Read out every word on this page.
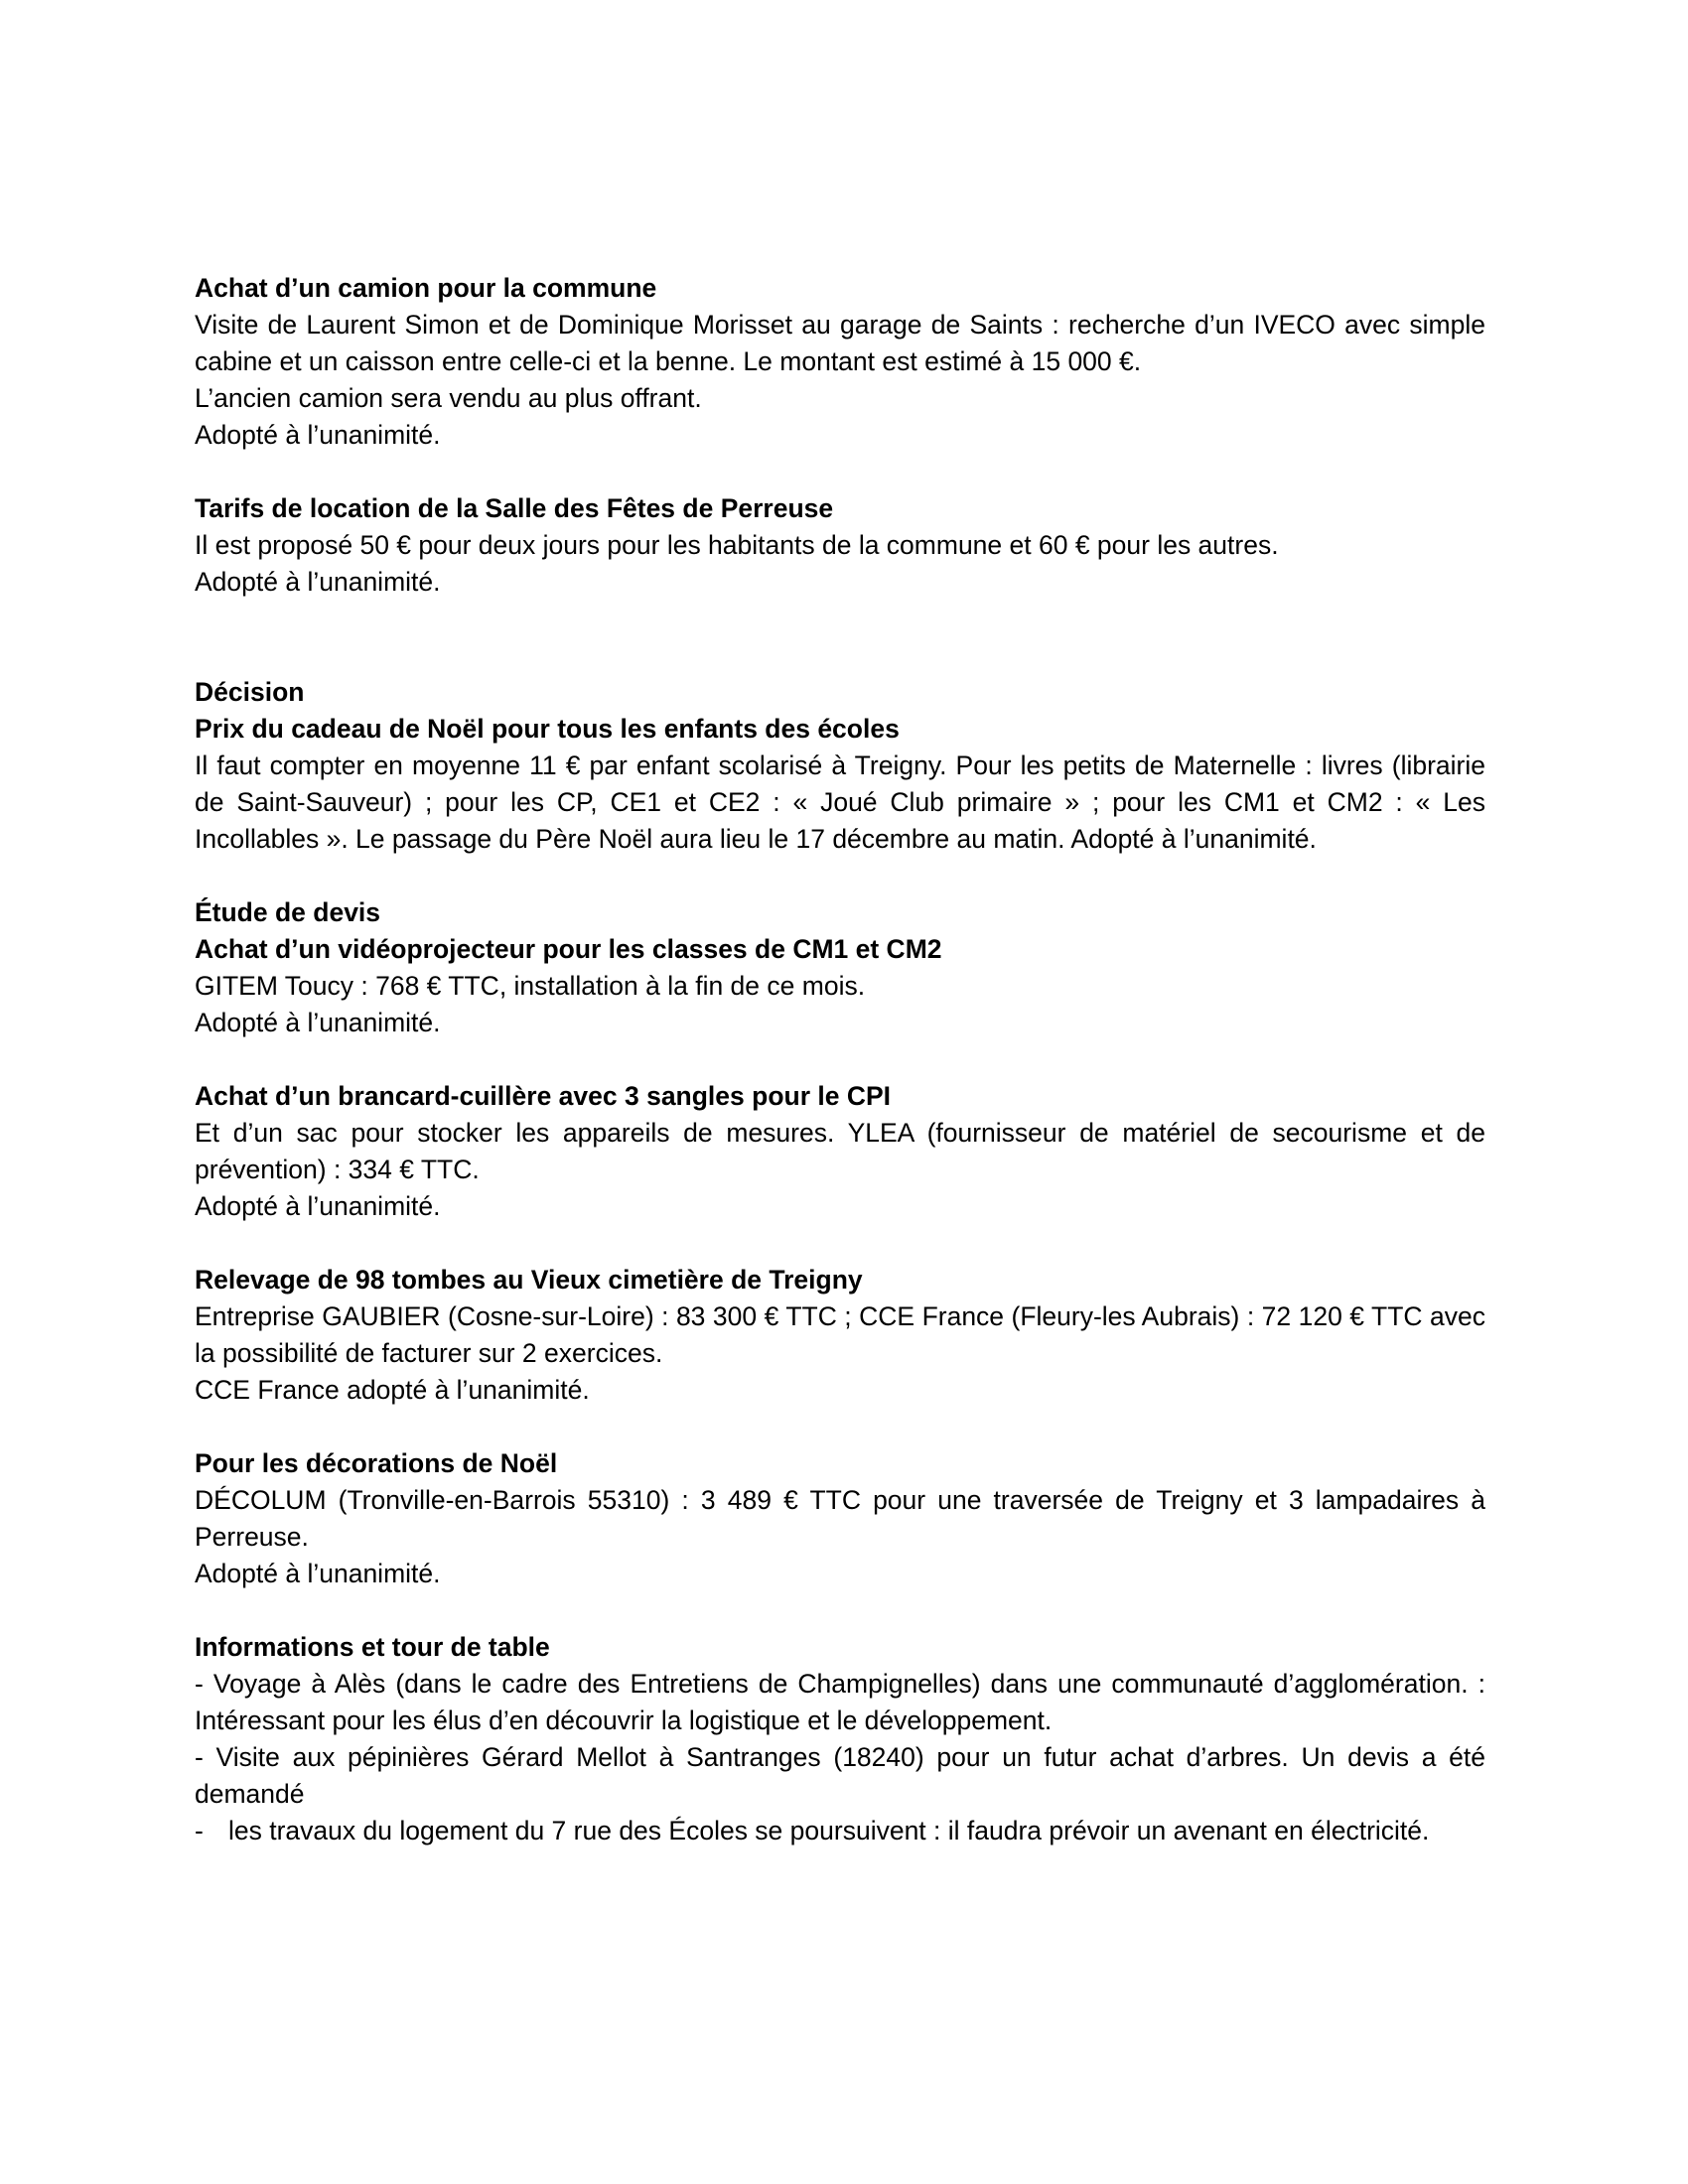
Achat d’un camion pour la commune

Visite de Laurent Simon et de Dominique Morisset au garage de Saints : recherche d’un IVECO avec simple cabine et un caisson entre celle-ci et la benne. Le montant est estimé à 15 000 €.

L’ancien camion sera vendu au plus offrant.

Adopté à l’unanimité.

Tarifs de location de la Salle des Fêtes de Perreuse

Il est proposé 50 € pour deux jours pour les habitants de la commune et 60 € pour les autres.

Adopté à l’unanimité.

Décision

Prix du cadeau de Noël pour tous les enfants des écoles

Il faut compter en moyenne 11 € par enfant scolarisé à Treigny. Pour les petits de Maternelle : livres (librairie de Saint-Sauveur) ; pour les CP, CE1 et CE2 : « Joué Club primaire » ; pour les CM1 et CM2 : « Les Incollables ». Le passage du Père Noël aura lieu le 17 décembre au matin. Adopté à l’unanimité.

Étude de devis

Achat d’un vidéoprojecteur pour les classes de CM1 et CM2

GITEM Toucy : 768 € TTC, installation à la fin de ce mois.

Adopté à l’unanimité.

Achat d’un brancard-cuillère avec 3 sangles pour le CPI

Et d’un sac pour stocker les appareils de mesures. YLEA (fournisseur de matériel de secourisme et de prévention) : 334 € TTC.

Adopté à l’unanimité.

Relevage de 98 tombes au Vieux cimetière de Treigny

Entreprise GAUBIER (Cosne-sur-Loire) : 83 300 € TTC ; CCE France (Fleury-les Aubrais) : 72 120 € TTC avec la possibilité de facturer sur 2 exercices.

CCE France adopté à l’unanimité.

Pour les décorations de Noël

DÉCOLUM (Tronville-en-Barrois 55310) : 3 489 € TTC pour une traversée de Treigny et 3 lampadaires à Perreuse.

Adopté à l’unanimité.

Informations et tour de table

- Voyage à Alès (dans le cadre des Entretiens de Champignelles) dans une communauté d’agglomération. : Intéressant pour les élus d’en découvrir la logistique et le développement.

- Visite aux pépinières Gérard Mellot à Santranges (18240) pour un futur achat d’arbres. Un devis a été demandé

- les travaux du logement du 7 rue des Écoles se poursuivent : il faudra prévoir un avenant en électricité.
